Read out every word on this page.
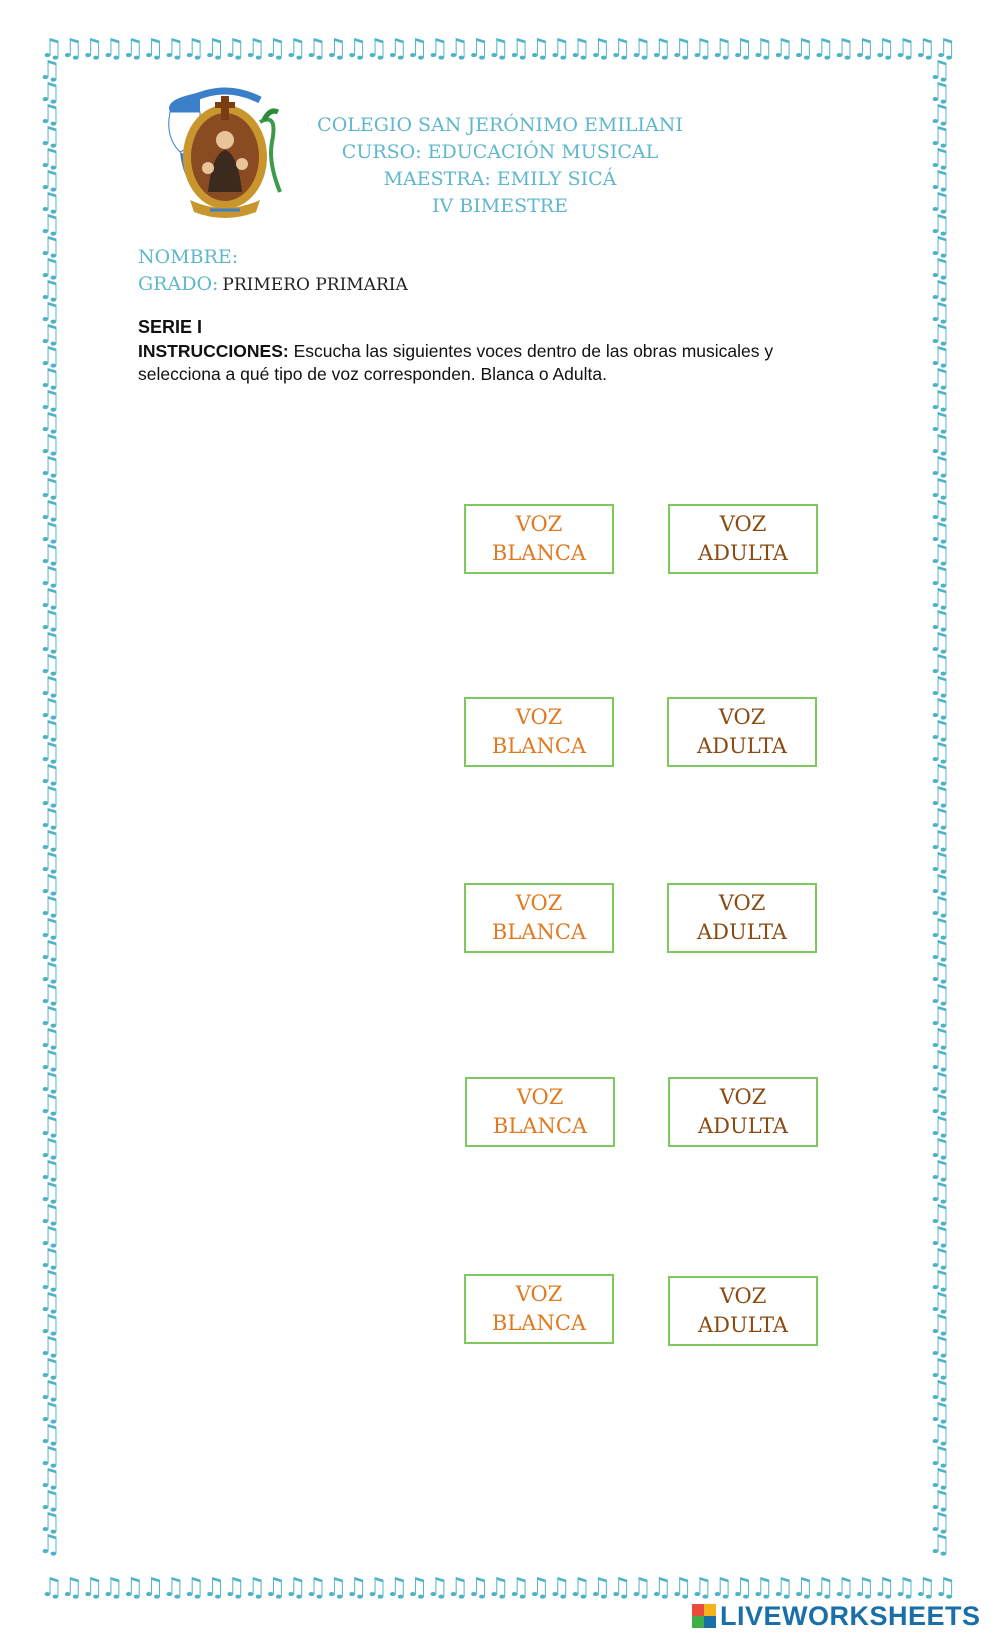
♫♫♫♫♫♫♫♫♫♫♫♫♫♫♫♫♫♫♫♫♫♫♫♫♫♫♫♫♫♫♫♫♫♫♫♫♫♫♫♫♫♫♫♫♫
♫♫♫♫♫♫♫♫♫♫♫♫♫♫♫♫♫♫♫♫♫♫♫♫♫♫♫♫♫♫♫♫♫♫♫♫♫♫♫♫♫♫♫♫♫
♫♫♫♫♫♫♫♫♫♫♫♫♫♫♫♫♫♫♫♫♫♫♫♫♫♫♫♫♫♫♫♫♫♫♫♫♫♫♫♫♫♫♫♫♫♫♫♫♫♫♫♫♫♫♫♫♫♫♫♫♫♫♫♫♫♫♫♫
♫♫♫♫♫♫♫♫♫♫♫♫♫♫♫♫♫♫♫♫♫♫♫♫♫♫♫♫♫♫♫♫♫♫♫♫♫♫♫♫♫♫♫♫♫♫♫♫♫♫♫♫♫♫♫♫♫♫♫♫♫♫♫♫♫♫♫♫
COLEGIO SAN JERÓNIMO EMILIANI
CURSO: EDUCACIÓN MUSICAL
MAESTRA: EMILY SICÁ
IV BIMESTRE
NOMBRE:
GRADO: PRIMERO PRIMARIA
SERIE I
INSTRUCCIONES: Escucha las siguientes voces dentro de las obras musicales y selecciona a qué tipo de voz corresponden. Blanca o Adulta.
VOZ
BLANCA
VOZ
ADULTA
VOZ
BLANCA
VOZ
ADULTA
VOZ
BLANCA
VOZ
ADULTA
VOZ
BLANCA
VOZ
ADULTA
VOZ
BLANCA
VOZ
ADULTA
LIVEWORKSHEETS
